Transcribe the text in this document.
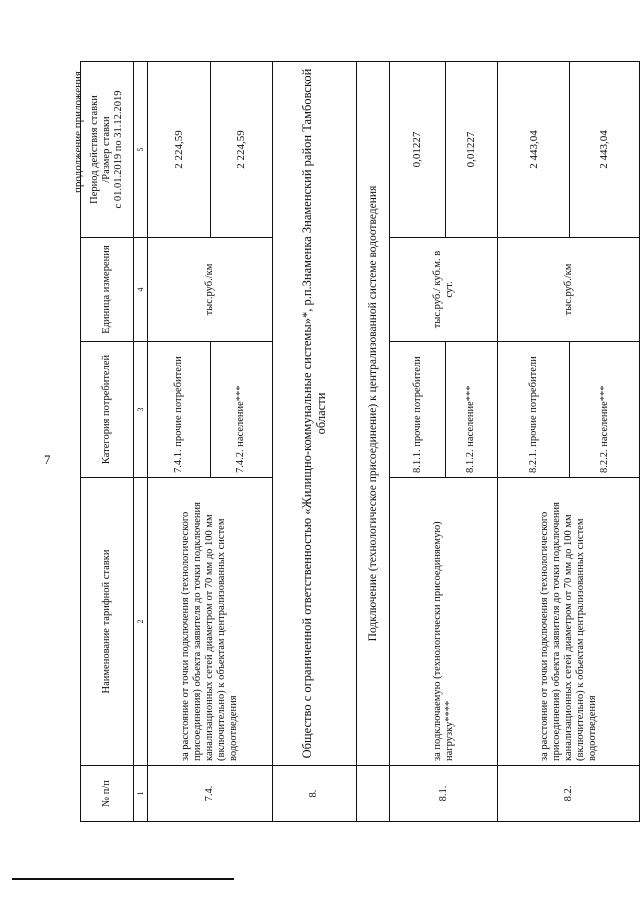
7
продолжение приложения
№ п/п	Наименование тарифной ставки	Категория потребителей	Единица измерения	Период действия ставки /Размер ставки с 01.01.2019 по 31.12.2019

1	2	3	4	5
7.4.	за расстояние от точки подключения (технологического присоединения) объекта заявителя до точки подключения канализационных сетей диаметром от 70 мм до 100 мм (включительно) к объектам централизованных систем водоотведения	7.4.1. прочие потребители	тыс.руб./км	2 224,59
		7.4.2. население***		2 224,59
8.	Общество с ограниченной ответственностью «Жилищно-коммунальные системы»*, р.п.Знаменка Знаменский район Тамбовской области			
	Подключение (технологическое присоединение) к централизованной системе водоотведения			
8.1.	за подключаемую (технологически присоединяемую) нагрузку****	8.1.1. прочие потребители	тыс.руб./ куб.м. в сут.	0,01227
		8.1.2. население***		0,01227
8.2.	за расстояние от точки подключения (технологического присоединения) объекта заявителя до точки подключения канализационных сетей диаметром от 70 мм до 100 мм (включительно) к объектам централизованных систем водоотведения	8.2.1. прочие потребители	тыс.руб./км	2 443,04
		8.2.2. население***		2 443,04
